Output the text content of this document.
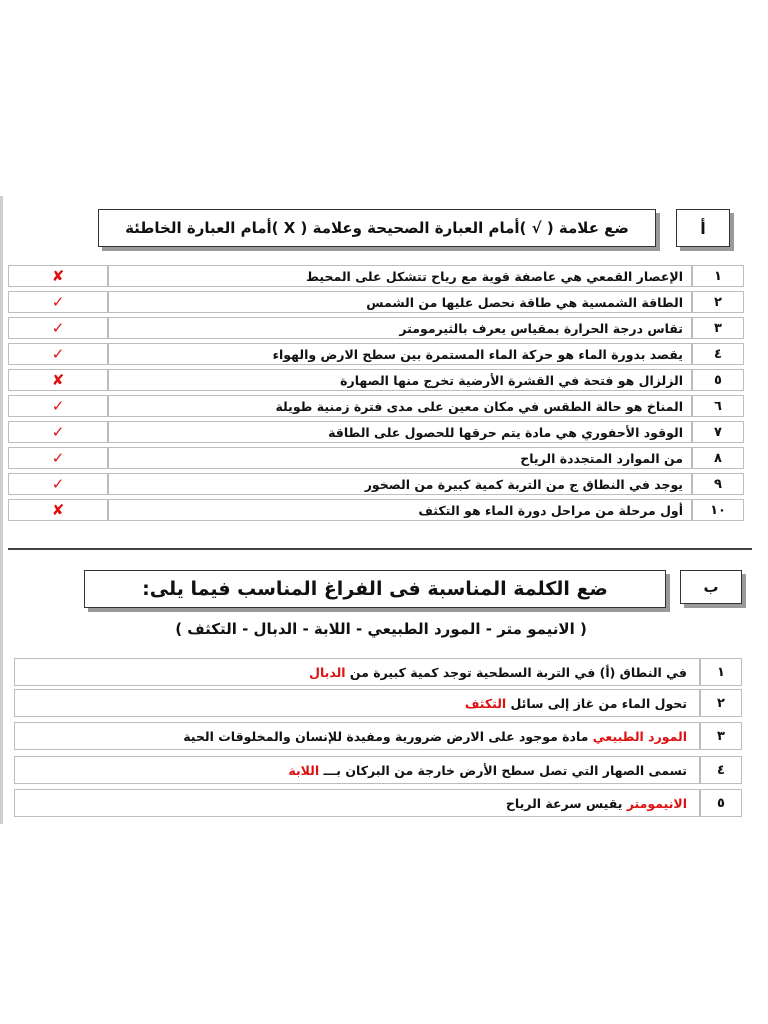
أ
ضع علامة ( √ )أمام العبارة الصحيحة وعلامة ( X )أمام العبارة الخاطئة
١
الإعصار القمعي هي عاصفة قوية مع رياح تتشكل على المحيط
✘
٢
الطاقة الشمسية هي طاقة نحصل عليها من الشمس
✓
٣
تقاس درجة الحرارة بمقياس يعرف بالثيرمومتر
✓
٤
يقصد بدورة الماء هو حركة الماء المستمرة بين سطح الارض والهواء
✓
٥
الزلزال هو فتحة في القشرة الأرضية تخرج منها الصهارة
✘
٦
المناخ هو حالة الطقس في مكان معين على مدى فترة زمنية طويلة
✓
٧
الوقود الأحفوري هي مادة يتم حرقها للحصول على الطاقة
✓
٨
من الموارد المتجددة الرياح
✓
٩
يوجد في النطاق ج من التربة كمية كبيرة من الصخور
✓
١٠
أول مرحلة من مراحل دورة الماء هو التكثف
✘
ب
ضع الكلمة المناسبة فى الفراغ المناسب فيما يلى:
( الانيمو متر - المورد الطبيعي - اللابة - الدبال - التكثف )
١
في النطاق (أ) في التربة السطحية توجد كمية كبيرة من الدبال
٢
تحول الماء من غاز إلى سائل التكثف
٣
المورد الطبيعي مادة موجود على الارض ضرورية ومفيدة للإنسان والمخلوقات الحية
٤
تسمى الصهار التي تصل سطح الأرض خارجة من البركان بـــ اللابة
٥
الانيمومتر يقيس سرعة الرياح
